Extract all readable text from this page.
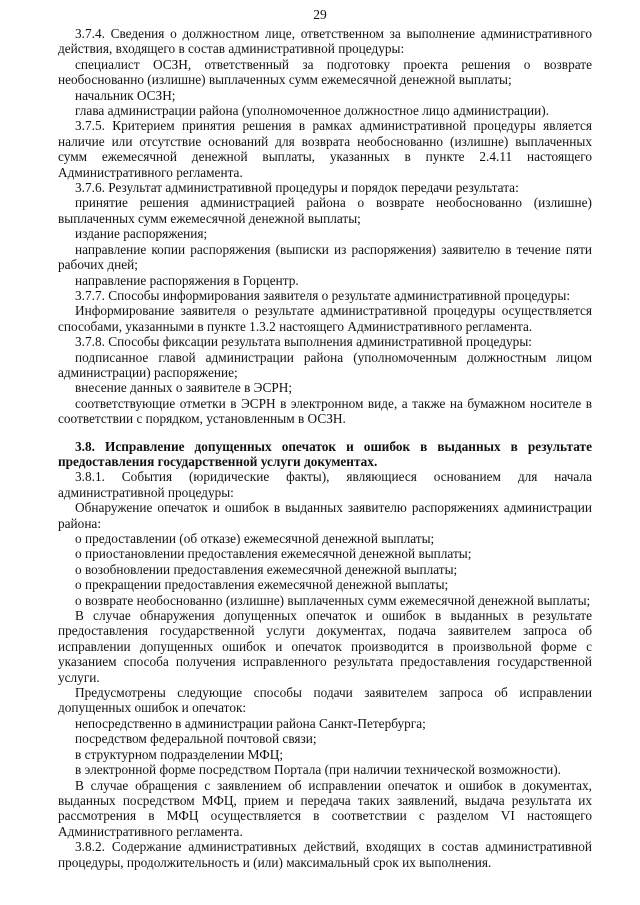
29

3.7.4. Сведения о должностном лице, ответственном за выполнение административного действия, входящего в состав административной процедуры:

специалист ОСЗН, ответственный за подготовку проекта решения о возврате необоснованно (излишне) выплаченных сумм ежемесячной денежной выплаты;

начальник ОСЗН;

глава администрации района (уполномоченное должностное лицо администрации).

3.7.5. Критерием принятия решения в рамках административной процедуры является наличие или отсутствие оснований для возврата необоснованно (излишне) выплаченных сумм ежемесячной денежной выплаты, указанных в пункте 2.4.11 настоящего Административного регламента.

3.7.6. Результат административной процедуры и порядок передачи результата:

принятие решения администрацией района о возврате необоснованно (излишне) выплаченных сумм ежемесячной денежной выплаты;

издание распоряжения;

направление копии распоряжения (выписки из распоряжения) заявителю в течение пяти рабочих дней;

направление распоряжения в Горцентр.

3.7.7. Способы информирования заявителя о результате административной процедуры:

Информирование заявителя о результате административной процедуры осуществляется способами, указанными в пункте 1.3.2 настоящего Административного регламента.

3.7.8. Способы фиксации результата выполнения административной процедуры:

подписанное главой администрации района (уполномоченным должностным лицом администрации) распоряжение;

внесение данных о заявителе в ЭСРН;

соответствующие отметки в ЭСРН в электронном виде, а также на бумажном носителе в соответствии с порядком, установленным в ОСЗН.

3.8. Исправление допущенных опечаток и ошибок в выданных в результате предоставления государственной услуги документах.

3.8.1. События (юридические факты), являющиеся основанием для начала административной процедуры:

Обнаружение опечаток и ошибок в выданных заявителю распоряжениях администрации района:

о предоставлении (об отказе) ежемесячной денежной выплаты;

о приостановлении предоставления ежемесячной денежной выплаты;

о возобновлении предоставления ежемесячной денежной выплаты;

о прекращении предоставления ежемесячной денежной выплаты;

о возврате необоснованно (излишне) выплаченных сумм ежемесячной денежной выплаты;

В случае обнаружения допущенных опечаток и ошибок в выданных в результате предоставления государственной услуги документах, подача заявителем запроса об исправлении допущенных ошибок и опечаток производится в произвольной форме с указанием способа получения исправленного результата предоставления государственной услуги.

Предусмотрены следующие способы подачи заявителем запроса об исправлении допущенных ошибок и опечаток:

непосредственно в администрации района Санкт-Петербурга;

посредством федеральной почтовой связи;

в структурном подразделении МФЦ;

в электронной форме посредством Портала (при наличии технической возможности).

В случае обращения с заявлением об исправлении опечаток и ошибок в документах, выданных посредством МФЦ, прием и передача таких заявлений, выдача результата их рассмотрения в МФЦ осуществляется в соответствии с разделом VI настоящего Административного регламента.

3.8.2. Содержание административных действий, входящих в состав административной процедуры, продолжительность и (или) максимальный срок их выполнения.
